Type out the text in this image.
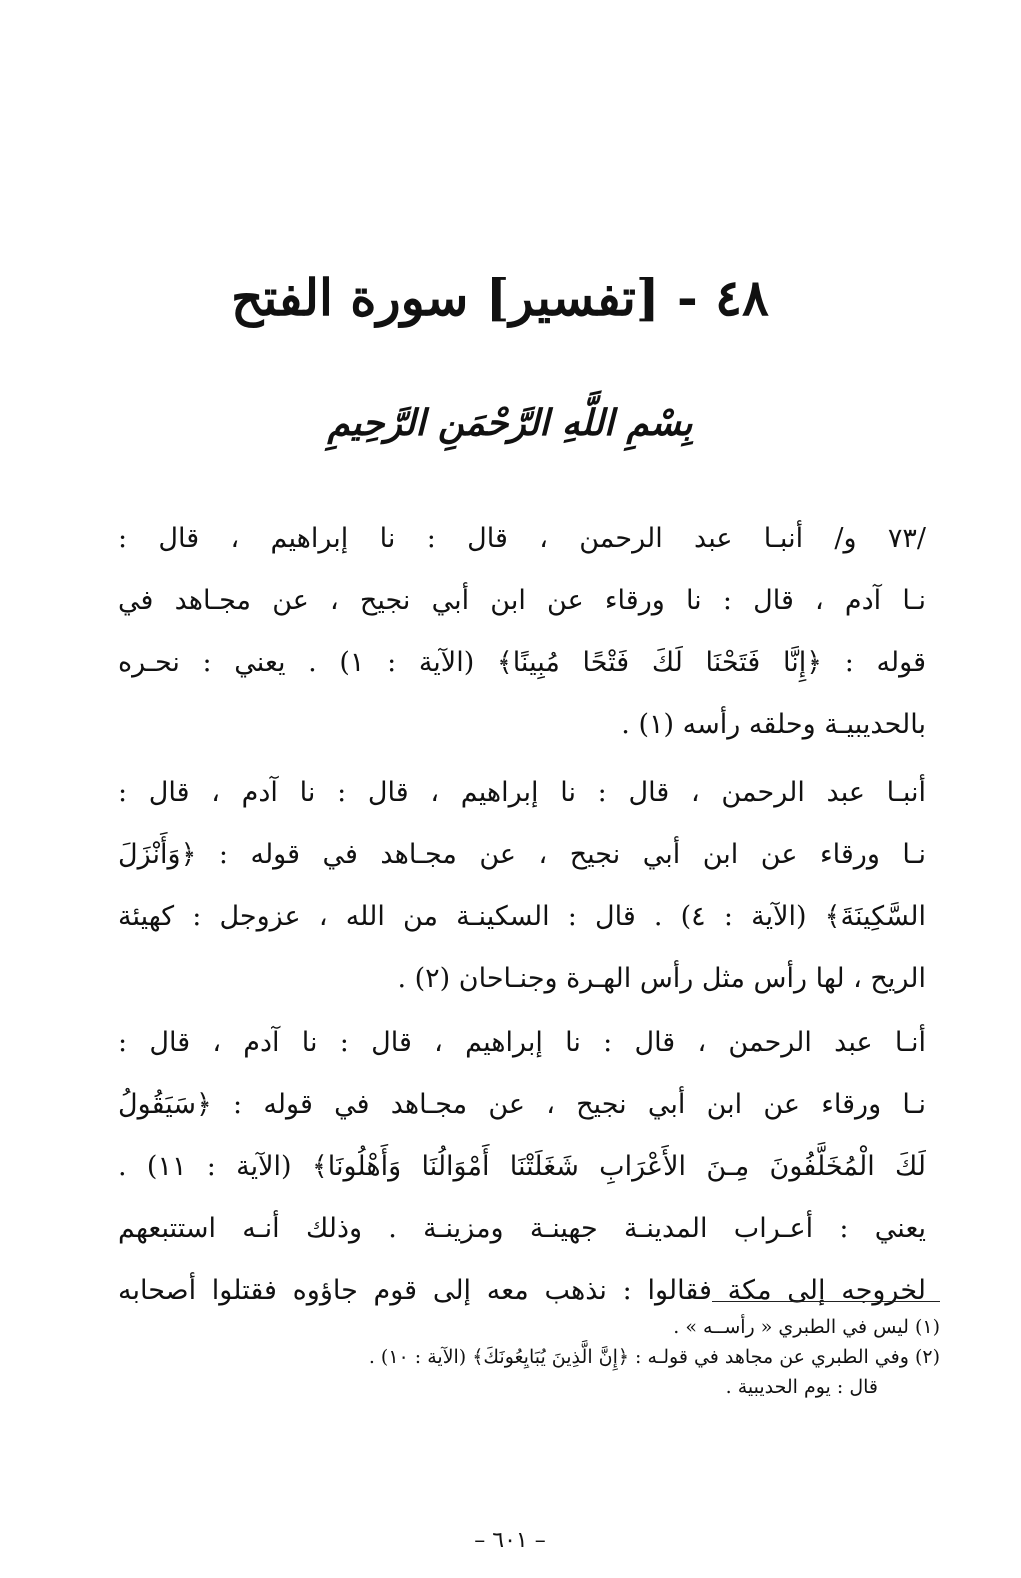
٤٨ - [تفسير] سورة الفتح
بِسْمِ اللَّهِ الرَّحْمَنِ الرَّحِيمِ
/٧٣ و/ أنبـا عبد الرحمن ، قال : نا إبراهيم ، قال :
نـا آدم ، قال : نا ورقاء عن ابن أبي نجيح ، عن مجـاهد في
قوله : ﴿إِنَّا فَتَحْنَا لَكَ فَتْحًا مُبِينًا﴾ (الآية : ١) . يعني : نحـره
بالحديبيـة وحلقه رأسه (١) .
أنبـا عبد الرحمن ، قال : نا إبراهيم ، قال : نا آدم ، قال :
نـا ورقاء عن ابن أبي نجيح ، عن مجـاهد في قوله : ﴿وَأَنْزَلَ
السَّكِينَةَ﴾ (الآية : ٤) . قال : السكينـة من الله ، عزوجل : كهيئة
الريح ، لها رأس مثل رأس الهـرة وجنـاحان (٢) .
أنـا عبد الرحمن ، قال : نا إبراهيم ، قال : نا آدم ، قال :
نـا ورقاء عن ابن أبي نجيح ، عن مجـاهد في قوله : ﴿سَيَقُولُ
لَكَ الْمُخَلَّفُونَ مِـنَ الأَعْرَابِ شَغَلَتْنَا أَمْوَالُنَا وَأَهْلُونَا﴾ (الآية : ١١) .
يعني : أعـراب المدينـة جهينـة ومزينـة . وذلك أنـه استتبعهم
لخروجه إلى مكة فقالوا : نذهب معه إلى قوم جاؤوه فقتلوا أصحابه
(١) ليس في الطبري « رأســه » .
(٢) وفي الطبري عن مجاهد في قولـه : ﴿إِنَّ الَّذِينَ يُبَايِعُونَكَ﴾ (الآية : ١٠) .
قال : يوم الحديبية .
– ٦٠١ –
